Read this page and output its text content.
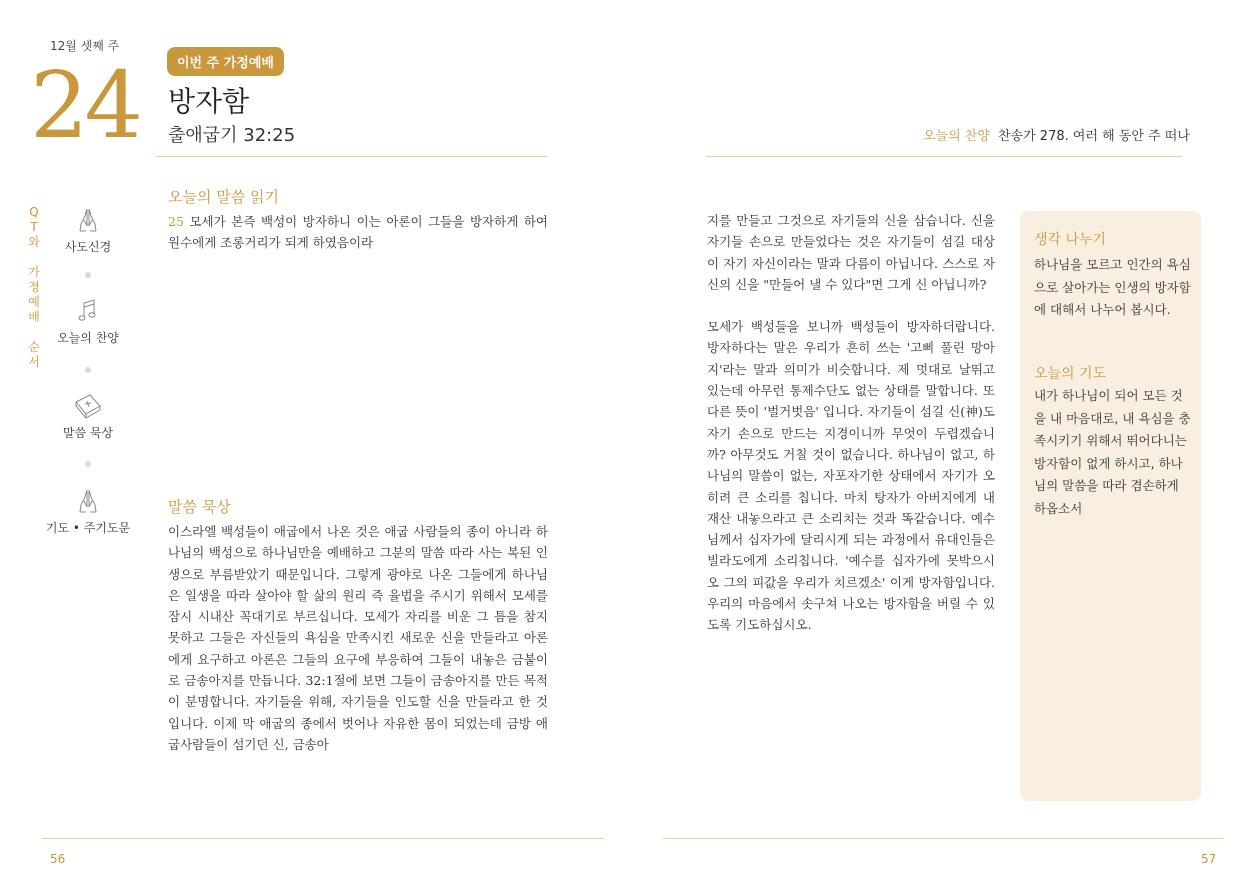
12월 셋째 주
24	이번 주 가정예배
방자함
출애굽기 32:25	오늘의 찬양 찬송가 278. 여러 해 동안 주 떠나
Q
T
와

가
정
예
배

순
서
사도신경
오늘의 찬양
말씀 묵상
기도 • 주기도문
오늘의 말씀 읽기
25 모세가 본즉 백성이 방자하니 이는 아론이 그들을 방자하게 하여 원수에게 조롱거리가 되게 하였음이라
말씀 묵상
이스라엘 백성들이 애굽에서 나온 것은 애굽 사람들의 종이 아니라 하나님의 백성으로 하나님만을 예배하고 그분의 말씀 따라 사는 복된 인생으로 부름받았기 때문입니다. 그렇게 광야로 나온 그들에게 하나님은 일생을 따라 살아야 할 삶의 원리 즉 율법을 주시기 위해서 모세를 잠시 시내산 꼭대기로 부르십니다. 모세가 자리를 비운 그 틈을 참지 못하고 그들은 자신들의 욕심을 만족시킨 새로운 신을 만들라고 아론에게 요구하고 아론은 그들의 요구에 부응하여 그들이 내놓은 금붙이로 금송아지를 만듭니다. 32:1절에 보면 그들이 금송아지를 만든 목적이 분명합니다. 자기들을 위해, 자기들을 인도할 신을 만들라고 한 것입니다. 이제 막 애굽의 종에서 벗어나 자유한 몸이 되었는데 금방 애굽사람들이 섬기던 신, 금송아
지를 만들고 그것으로 자기들의 신을 삼습니다. 신을 자기들 손으로 만들었다는 것은 자기들이 섬길 대상이 자기 자신이라는 말과 다름이 아닙니다. 스스로 자신의 신을 "만들어 낼 수 있다"면 그게 신 아닙니까?
모세가 백성들을 보니까 백성들이 방자하더랍니다. 방자하다는 말은 우리가 흔히 쓰는 '고삐 풀린 망아지'라는 말과 의미가 비슷합니다. 제 멋대로 날뛰고 있는데 아무런 통제수단도 없는 상태를 말합니다. 또 다른 뜻이 '벌거벗음' 입니다. 자기들이 섬길 신(神)도 자기 손으로 만드는 지경이니까 무엇이 두렵겠습니까? 아무것도 거칠 것이 없습니다. 하나님이 없고, 하나님의 말씀이 없는, 자포자기한 상태에서 자기가 오히려 큰 소리를 칩니다. 마치 탕자가 아버지에게 내 재산 내놓으라고 큰 소리치는 것과 똑같습니다. 예수님께서 십자가에 달리시게 되는 과정에서 유대인들은 빌라도에게 소리칩니다. '예수를 십자가에 못박으시오 그의 피값을 우리가 치르겠소' 이게 방자함입니다. 우리의 마음에서 솟구쳐 나오는 방자함을 버릴 수 있도록 기도하십시오.
생각 나누기
하나님을 모르고 인간의 욕심으로 살아가는 인생의 방자함에 대해서 나누어 봅시다.
오늘의 기도
내가 하나님이 되어 모든 것을 내 마음대로, 내 욕심을 충족시키기 위해서 뛰어다니는 방자함이 없게 하시고, 하나님의 말씀을 따라 겸손하게 하옵소서
56	57
